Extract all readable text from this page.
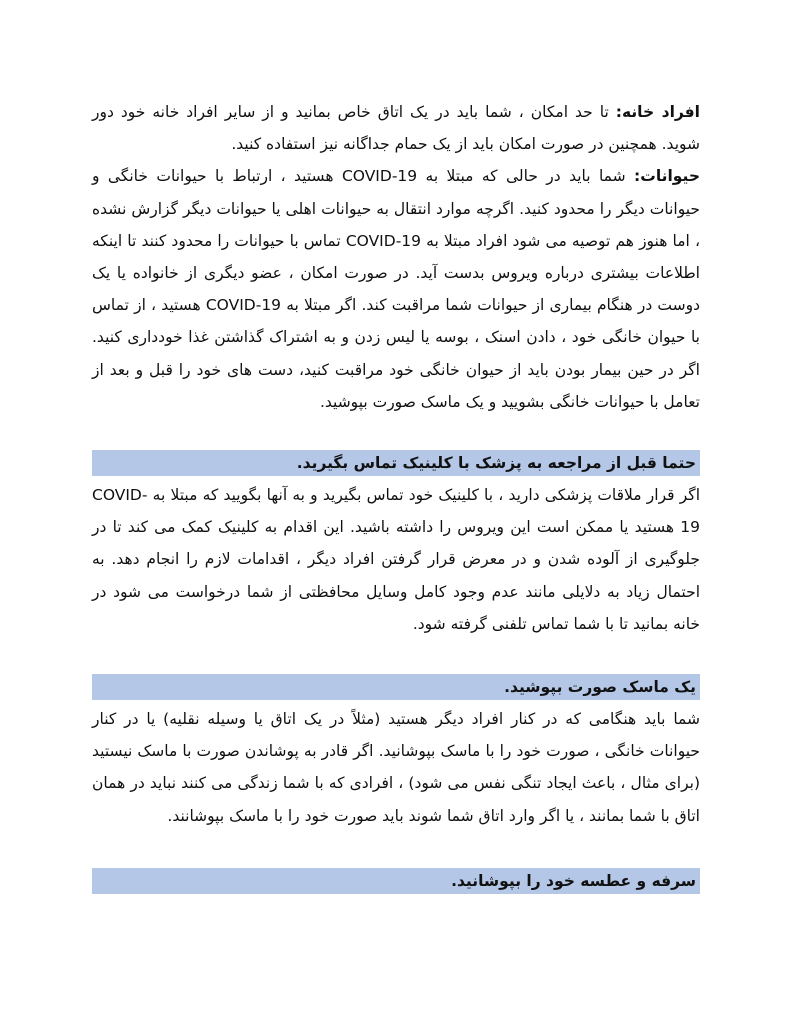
افراد خانه: تا حد امکان ، شما باید در یک اتاق خاص بمانید و از سایر افراد خانه خود دور شوید. همچنین در صورت امکان باید از یک حمام جداگانه نیز استفاده کنید.

حیوانات: شما باید در حالی که مبتلا به COVID-19 هستید ، ارتباط با حیوانات خانگی و حیوانات دیگر را محدود کنید. اگرچه موارد انتقال به حیوانات اهلی یا حیوانات دیگر گزارش نشده ، اما هنوز هم توصیه می شود افراد مبتلا به COVID-19 تماس با حیوانات را محدود کنند تا اینکه اطلاعات بیشتری درباره ویروس بدست آید. در صورت امکان ، عضو دیگری از خانواده یا یک دوست در هنگام بیماری از حیوانات شما مراقبت کند. اگر مبتلا به COVID-19 هستید ، از تماس با حیوان خانگی خود ، دادن اسنک ، بوسه یا لیس زدن و به اشتراک گذاشتن غذا خودداری کنید. اگر در حین بیمار بودن باید از حیوان خانگی خود مراقبت کنید، دست های خود را قبل و بعد از تعامل با حیوانات خانگی بشویید و یک ماسک صورت بپوشید.

حتما قبل از مراجعه به پزشک با کلینیک تماس بگیرید.

اگر قرار ملاقات پزشکی دارید ، با کلینیک خود تماس بگیرید و به آنها بگویید که مبتلا به COVID-19 هستید یا ممکن است این ویروس را داشته باشید. این اقدام به کلینیک کمک می کند تا در جلوگیری از آلوده شدن و در معرض قرار گرفتن افراد دیگر ، اقدامات لازم را انجام دهد. به احتمال زیاد به دلایلی مانند عدم وجود کامل وسایل محافظتی از شما درخواست می شود در خانه بمانید تا با شما تماس تلفنی گرفته شود.

یک ماسک صورت بپوشید.

شما باید هنگامی که در کنار افراد دیگر هستید (مثلاً در یک اتاق یا وسیله نقلیه) یا در کنار حیوانات خانگی ، صورت خود را با ماسک بپوشانید. اگر قادر به پوشاندن صورت با ماسک نیستید (برای مثال ، باعث ایجاد تنگی نفس می شود) ، افرادی که با شما زندگی می کنند نباید در همان اتاق با شما بمانند ، یا اگر وارد اتاق شما شوند باید صورت خود را با ماسک بپوشانند.

سرفه و عطسه خود را بپوشانید.
